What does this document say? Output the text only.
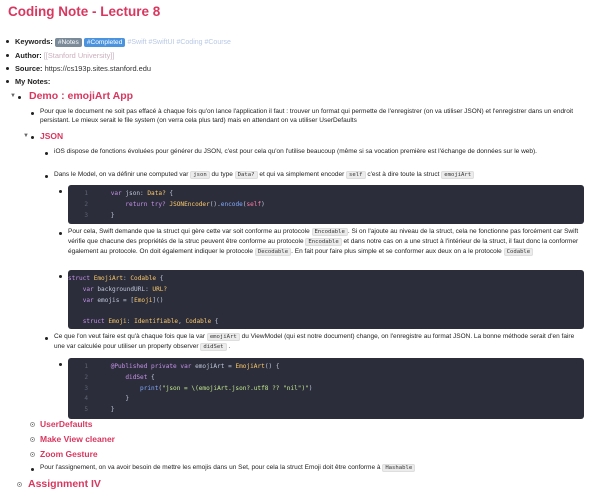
Coding Note - Lecture 8
Keywords: #Notes #Completed #Swift #SwiftUI #Coding #Course
Author: [[Stanford University]]
Source: https://cs193p.sites.stanford.edu
My Notes:
▼ Demo : emojiArt App
Pour que le document ne soit pas effacé à chaque fois qu'on lance l'application il faut : trouver un format qui permette de l'enregistrer (on va utiliser JSON) et l'enregistrer dans un endroit persistant. Le mieux serait le file system (on verra cela plus tard) mais en attendant on va utiliser UserDefaults
▼ JSON
iOS dispose de fonctions évoluées pour générer du JSON, c'est pour cela qu'on l'utilise beaucoup (même si sa vocation première est l'échange de données sur le web).
Dans le Model, on va définir une computed var json du type Data? et qui va simplement encoder self c'est à dire toute la struct emojiArt
1	var json: Data? {
2	return try? JSONEncoder().encode(self)
3	}
Pour cela, Swift demande que la struct qui gère cette var soit conforme au protocole Encodable . Si on l'ajoute au niveau de la struct, cela ne fonctionne pas forcément car Swift vérifie que chacune des propriétés de la struc peuvent être conforme au protocole Encodable et dans notre cas on a une struct à l'intérieur de la struct, il faut donc la conformer également au protocole. On doit également indiquer le protocole Decodable . En fait pour faire plus simple et se conformer aux deux on a le protocole Codable
struct EmojiArt: Codable {
var backgroundURL: URL?
var emojis = [Emoji]()

struct Emoji: Identifiable, Codable {
Ce que l'on veut faire est qu'à chaque fois que la var emojiArt du ViewModel (qui est notre document) change, on l'enregistre au format JSON. La bonne méthode serait d'en faire une var calculée pour utiliser un property observer didSet .
1	@Published private var emojiArt = EmojiArt() {
2	didSet {
3	print("json = \(emojiArt.json?.utf8 ?? "nil")")
4	}
5	}
UserDefaults
Make View cleaner
Zoom Gesture
Pour l'assignement, on va avoir besoin de mettre les emojis dans un Set, pour cela la struct Emoji doit être conforme à Hashable
Assignment IV
